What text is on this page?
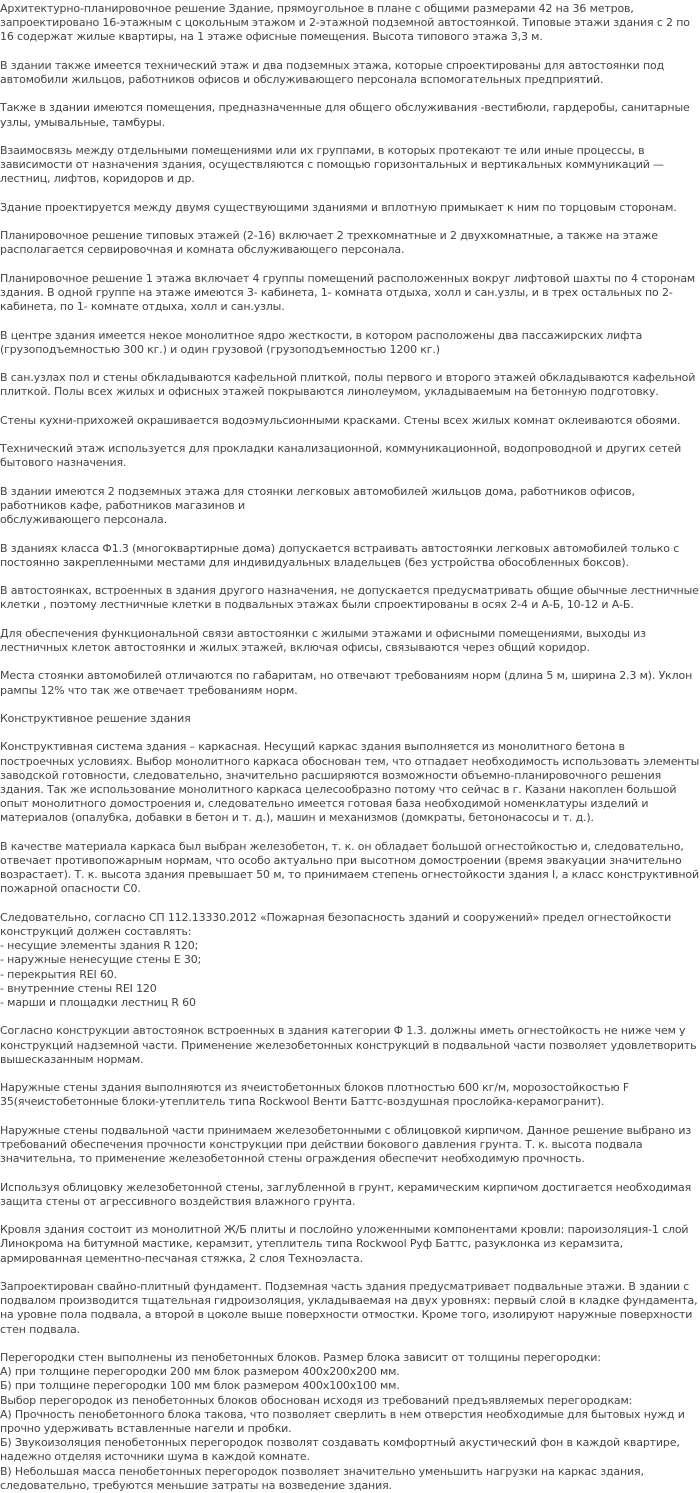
Архитектурно-планировочное решение Здание, прямоугольное в плане с общими размерами 42 на 36 метров, запроектировано 16-этажным с цокольным этажом и 2-этажной подземной автостоянкой. Типовые этажи здания с 2 по 16 содержат жилые квартиры, на 1 этаже офисные помещения. Высота типового этажа 3,3 м.

В здании также имеется технический этаж и два подземных этажа, которые спроектированы для автостоянки под автомобили жильцов, работников офисов и обслуживающего персонала вспомогательных предприятий.

Также в здании имеются помещения, предназначенные для общего обслуживания -вестибюли, гардеробы, санитарные узлы, умывальные, тамбуры.

Взаимосвязь между отдельными помещениями или их группами, в которых протекают те или иные процессы, в зависимости от назначения здания, осуществляются с помощью горизонтальных и вертикальных коммуникаций — лестниц, лифтов, коридоров и др.

Здание проектируется между двумя существующими зданиями и вплотную примыкает к ним по торцовым сторонам.

Планировочное решение типовых этажей (2-16) включает 2 трехкомнатные и 2 двухкомнатные, а также на этаже располагается сервировочная и комната обслуживающего персонала.

Планировочное решение 1 этажа включает 4 группы помещений расположенных вокруг лифтовой шахты по 4 сторонам здания. В одной группе на этаже имеются 3- кабинета, 1- комната отдыха, холл и сан.узлы, и в трех остальных по 2-кабинета, по 1- комнате отдыха, холл и сан.узлы.

В центре здания имеется некое монолитное ядро жесткости, в котором расположены два пассажирских лифта (грузоподъемностью 300 кг.) и один грузовой (грузоподъемностью 1200 кг.)

В сан.узлах пол и стены обкладываются кафельной плиткой, полы первого и второго этажей обкладываются кафельной плиткой. Полы всех жилых и офисных этажей покрываются линолеумом, укладываемым на бетонную подготовку.

Стены кухни-прихожей окрашивается водоэмульсионными красками. Стены всех жилых комнат оклеиваются обоями.

Технический этаж используется для прокладки канализационной, коммуникационной, водопроводной и других сетей бытового назначения.

В здании имеются 2 подземных этажа для стоянки легковых автомобилей жильцов дома, работников офисов, работников кафе, работников магазинов и
обслуживающего персонала.

В зданиях класса Ф1.3 (многоквартирные дома) допускается встраивать автостоянки легковых автомобилей только с постоянно закрепленными местами для индивидуальных владельцев (без устройства обособленных боксов).

В автостоянках, встроенных в здания другого назначения, не допускается предусматривать общие обычные лестничные клетки , поэтому лестничные клетки в подвальных этажах были спроектированы в осях 2-4 и А-Б, 10-12 и А-Б.

Для обеспечения функциональной связи автостоянки с жилыми этажами и офисными помещениями, выходы из лестничных клеток автостоянки и жилых этажей, включая офисы, связываются через общий коридор.

Места стоянки автомобилей отличаются по габаритам, но отвечают требованиям норм (длина 5 м, ширина 2.3 м). Уклон рампы 12% что так же отвечает требованиям норм.

Конструктивное решение здания

Конструктивная система здания – каркасная. Несущий каркас здания выполняется из монолитного бетона в построечных условиях. Выбор монолитного каркаса обоснован тем, что отпадает необходимость использовать элементы заводской готовности, следовательно, значительно расширяются возможности объемно-планировочного решения здания. Так же использование монолитного каркаса целесообразно потому что сейчас в г. Казани накоплен большой опыт монолитного домостроения и, следовательно имеется готовая база необходимой номенклатуры изделий и материалов (опалубка, добавки в бетон и т. д.), машин и механизмов (домкраты, бетононасосы и т. д.).

В качестве материала каркаса был выбран железобетон, т. к. он обладает большой огнестойкостью и, следовательно, отвечает противопожарным нормам, что особо актуально при высотном домостроении (время эвакуации значительно возрастает). Т. к. высота здания превышает 50 м, то принимаем степень огнестойкости здания I, а класс конструктивной пожарной опасности С0.

Следовательно, согласно СП 112.13330.2012 «Пожарная безопасность зданий и сооружений» предел огнестойкости конструкций должен составлять:
- несущие элементы здания R 120;
- наружные ненесущие стены Е 30;
- перекрытия REI 60.
- внутренние стены REI 120
- марши и площадки лестниц R 60

Согласно конструкции автостоянок встроенных в здания категории Ф 1.3. должны иметь огнестойкость не ниже чем у конструкций надземной части. Применение железобетонных конструкций в подвальной части позволяет удовлетворить вышесказанным нормам.

Наружные стены здания выполняются из ячеистобетонных блоков плотностью 600 кг/м, морозостойкостью F 35(ячеистобетонные блоки-утеплитель типа Rockwool Венти Баттс-воздушная прослойка-керамогранит).

Наружные стены подвальной части принимаем железобетонными с облицовкой кирпичом. Данное решение выбрано из требований обеспечения прочности конструкции при действии бокового давления грунта. Т. к. высота подвала значительна, то применение железобетонной стены ограждения обеспечит необходимую прочность.

Используя облицовку железобетонной стены, заглубленной в грунт, керамическим кирпичом достигается необходимая защита стены от агрессивного воздействия влажного грунта.

Кровля здания состоит из монолитной Ж/Б плиты и послойно уложенными компонентами кровли: пароизоляция-1 слой Линокрома на битумной мастике, керамзит, утеплитель типа Rockwool Руф Баттс, разуклонка из керамзита, армированная цементно-песчаная стяжка, 2 слоя Техноэласта.

Запроектирован свайно-плитный фундамент. Подземная часть здания предусматривает подвальные этажи. В здании с подвалом производится тщательная гидроизоляция, укладываемая на двух уровнях: первый слой в кладке фундамента, на уровне пола подвала, а второй в цоколе выше поверхности отмостки. Кроме того, изолируют наружные поверхности стен подвала.

Перегородки стен выполнены из пенобетонных блоков. Размер блока зависит от толщины перегородки:
А) при толщине перегородки 200 мм блок размером 400х200х200 мм.
Б) при толщине перегородки 100 мм блок размером 400х100х100 мм.
Выбор перегородок из пенобетонных блоков обоснован исходя из требований предъявляемых перегородкам:
А) Прочность пенобетонного блока такова, что позволяет сверлить в нем отверстия необходимые для бытовых нужд и прочно удерживать вставленные нагели и пробки.
Б) Звукоизоляция пенобетонных перегородок позволят создавать комфортный акустический фон в каждой квартире, надежно отделяя источники шума в каждой комнате.
В) Небольшая масса пенобетонных перегородок позволяет значительно уменьшить нагрузки на каркас здания, следовательно, требуются меньшие затраты на возведение здания.
